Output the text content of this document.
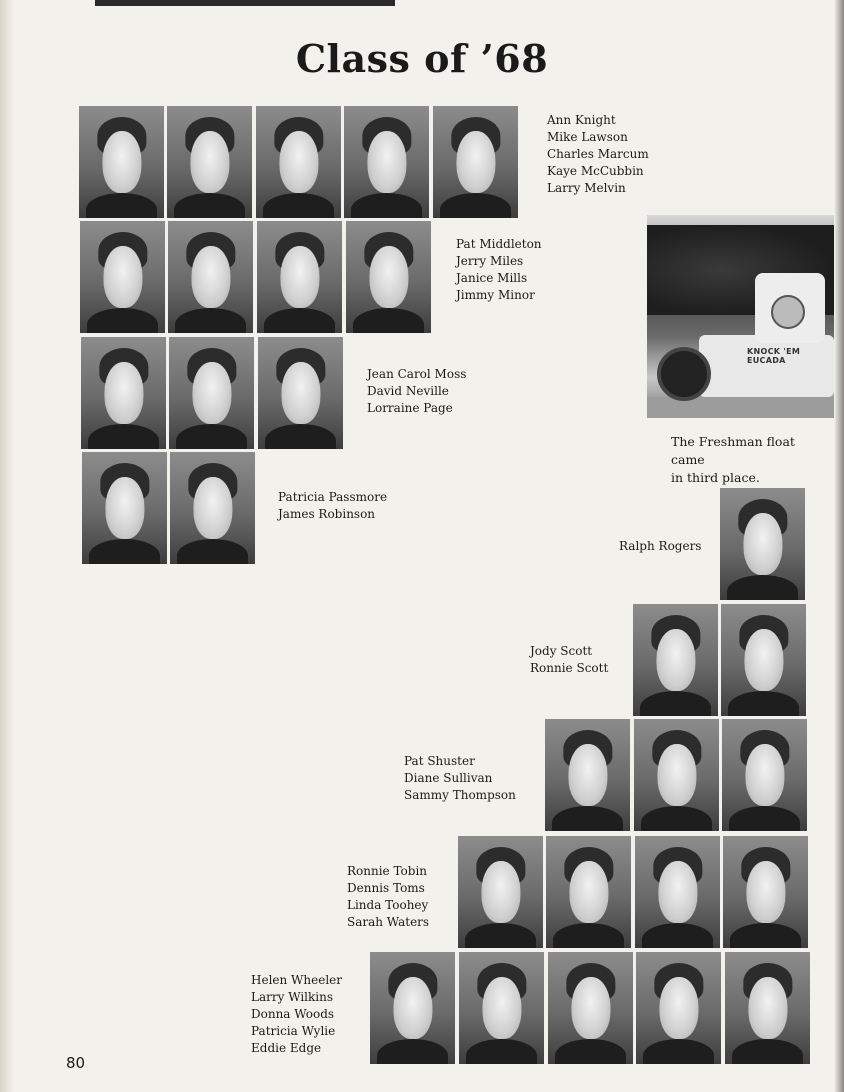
Class of ’68
Ann Knight
Mike Lawson
Charles Marcum
Kaye McCubbin
Larry Melvin
Pat Middleton
Jerry Miles
Janice Mills
Jimmy Minor
Jean Carol Moss
David Neville
Lorraine Page
Patricia Passmore
James Robinson
Ralph Rogers
Jody Scott
Ronnie Scott
Pat Shuster
Diane Sullivan
Sammy Thompson
Ronnie Tobin
Dennis Toms
Linda Toohey
Sarah Waters
Helen Wheeler
Larry Wilkins
Donna Woods
Patricia Wylie
Eddie Edge
KNOCK 'EM EUCADA
The Freshman float came
in third place.
80
